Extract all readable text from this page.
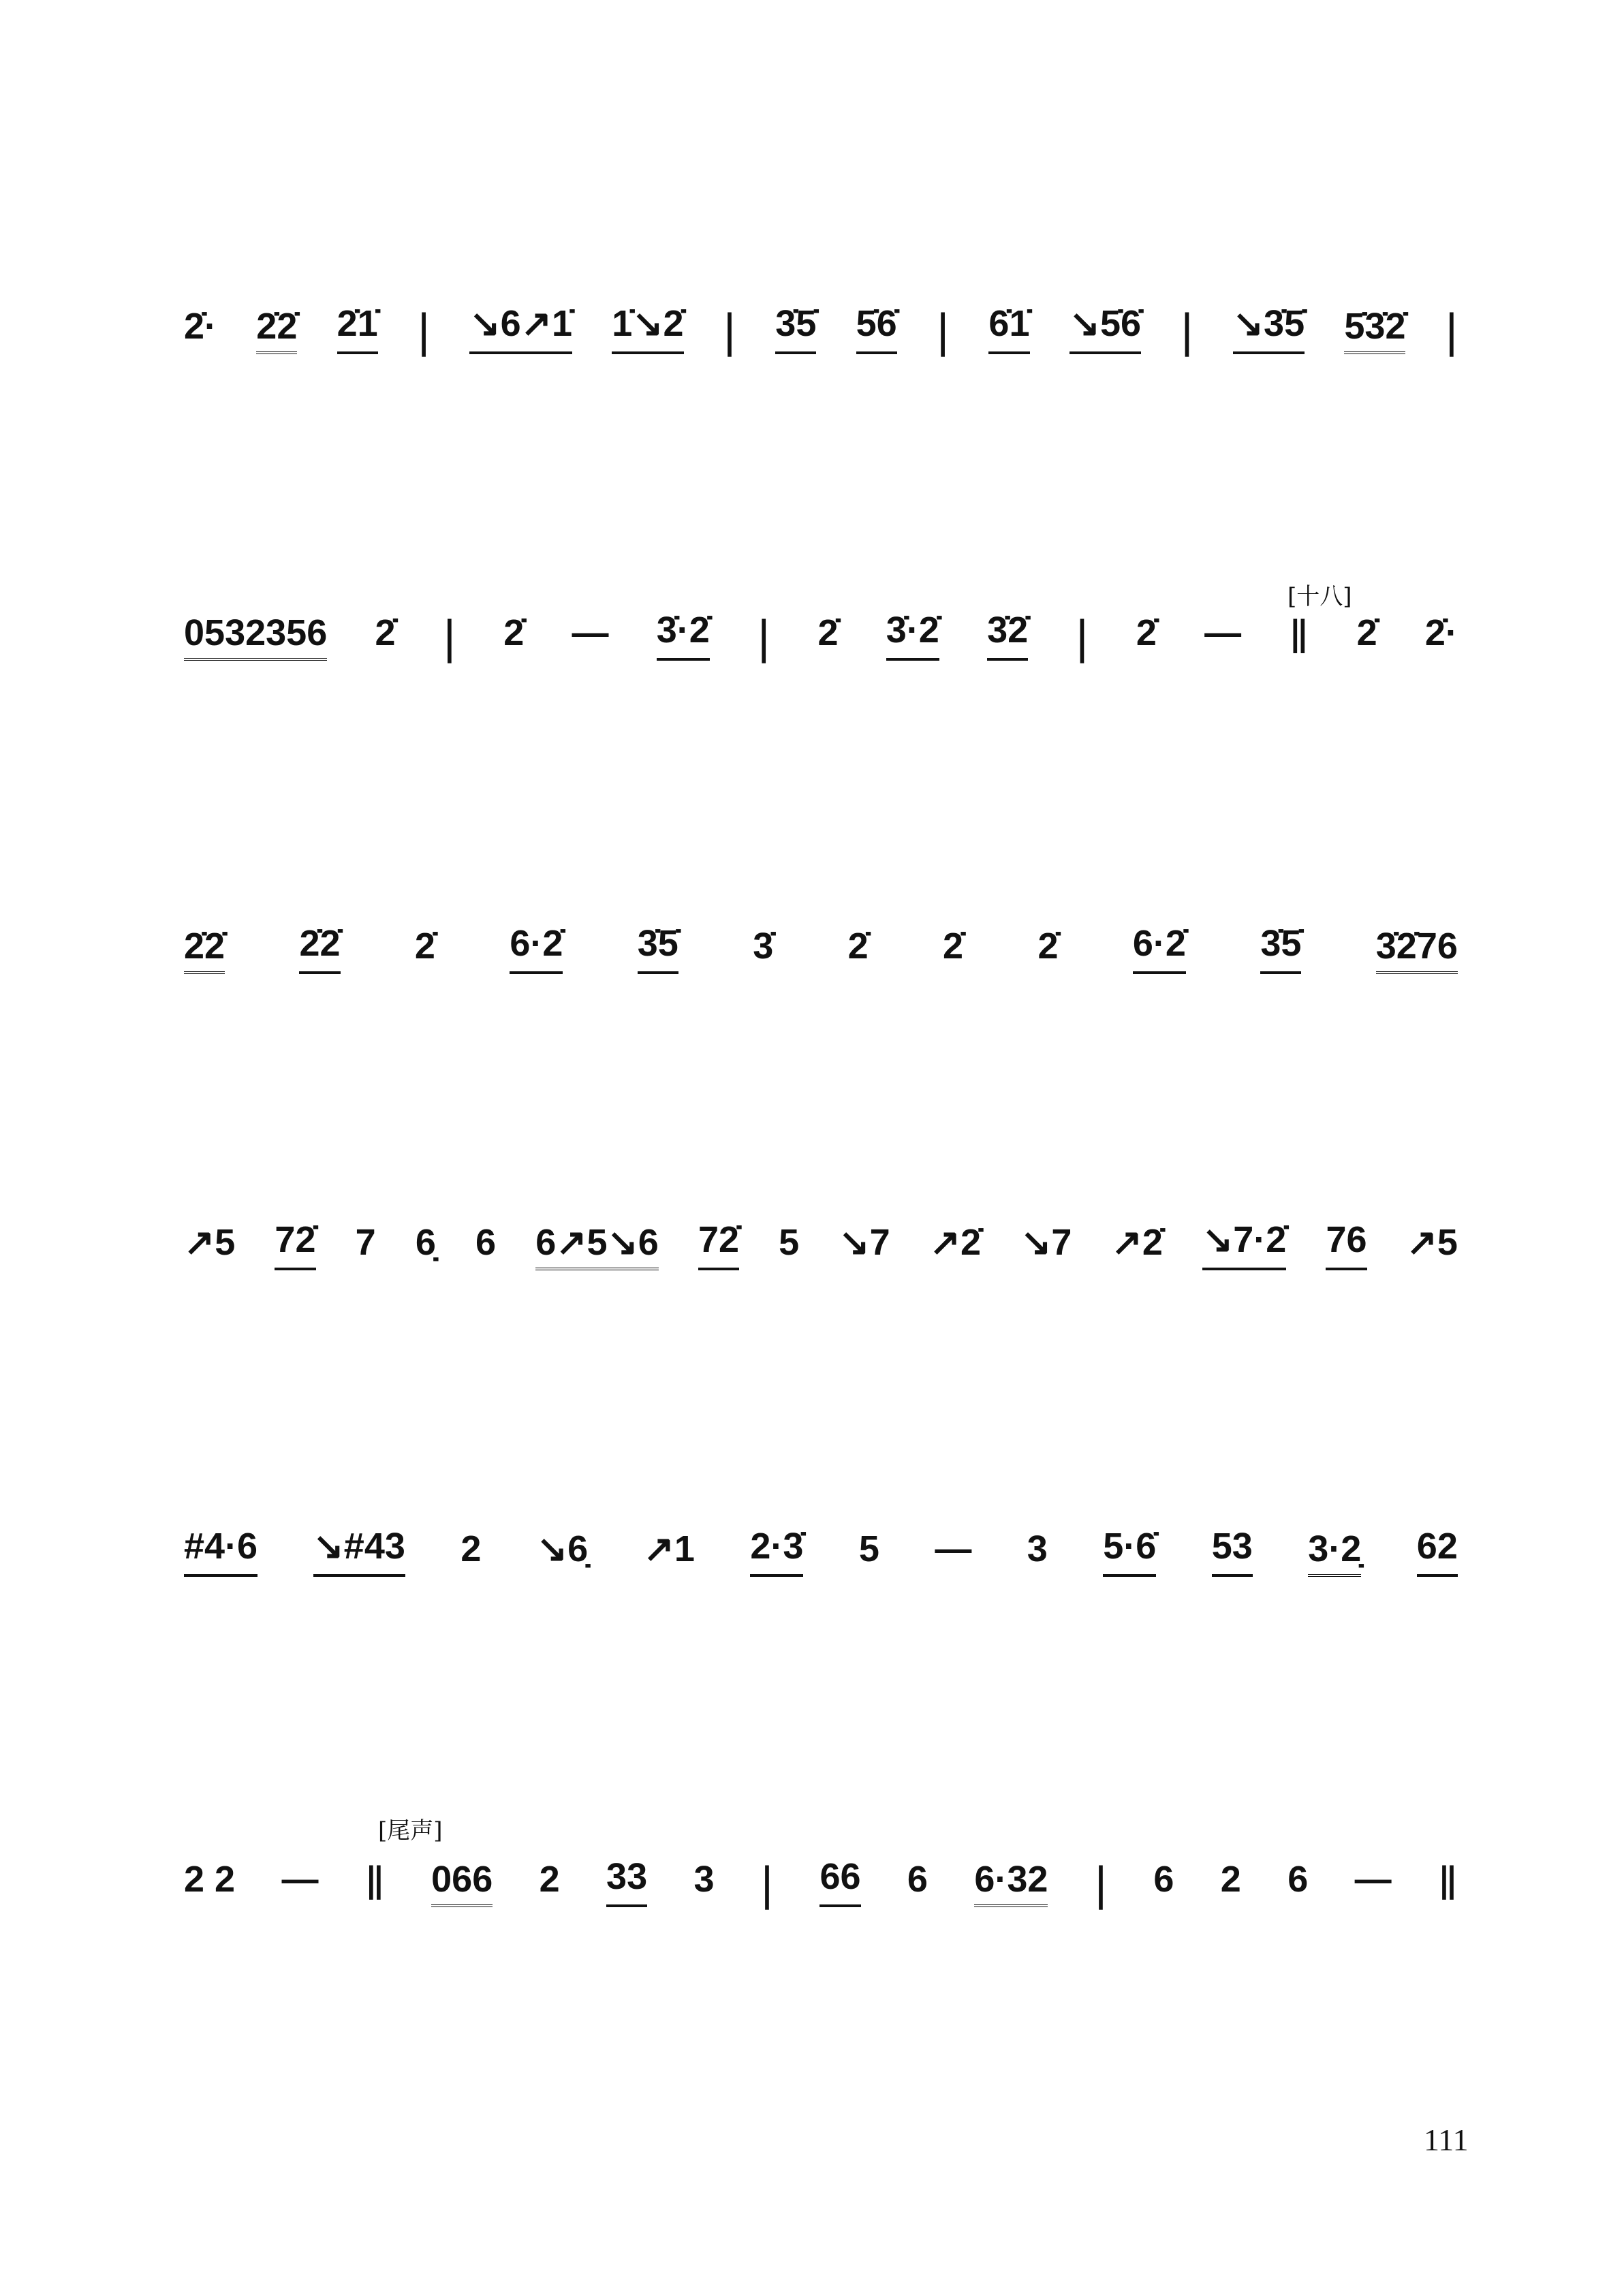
2̇· 2̇2̇ 2̇1̇ | ↘6↗1̇ 1̇↘2̇ | 3̇5̇ 5̇6̇ | 6̇1̇ ↘5̇6̇ | ↘3̇5̇ 5̇3̇2̇ |
0532356 2̇ | 2̇ — 3̇·2̇ | 2̇ 3̇·2̇ 3̇2̇ | 2̇ — ‖ 2̇ 2̇·
2̇2̇ 2̇2̇ 2̇ 6·2̇ 3̇5̇ 3̇ 2̇ 2̇ 2̇ 6·2̇ 3̇5̇ 3̇2̇76
↗5 72̇ 7 6̣ 6 6↗5↘6 72̇ 5 ↘7 ↗2̇ ↘7 ↗2̇ ↘7·2̇ 76 ↗5
#4·6 ↘#43 2 ↘6̣ ↗1 2·3̇ 5 — 3 5·6̇ 53 3·2̣ 62
2 2 — ‖ 066 2 33 3 | 66 6 6·32 | 6 2 6 — ‖
[十八]
[尾声]
111
